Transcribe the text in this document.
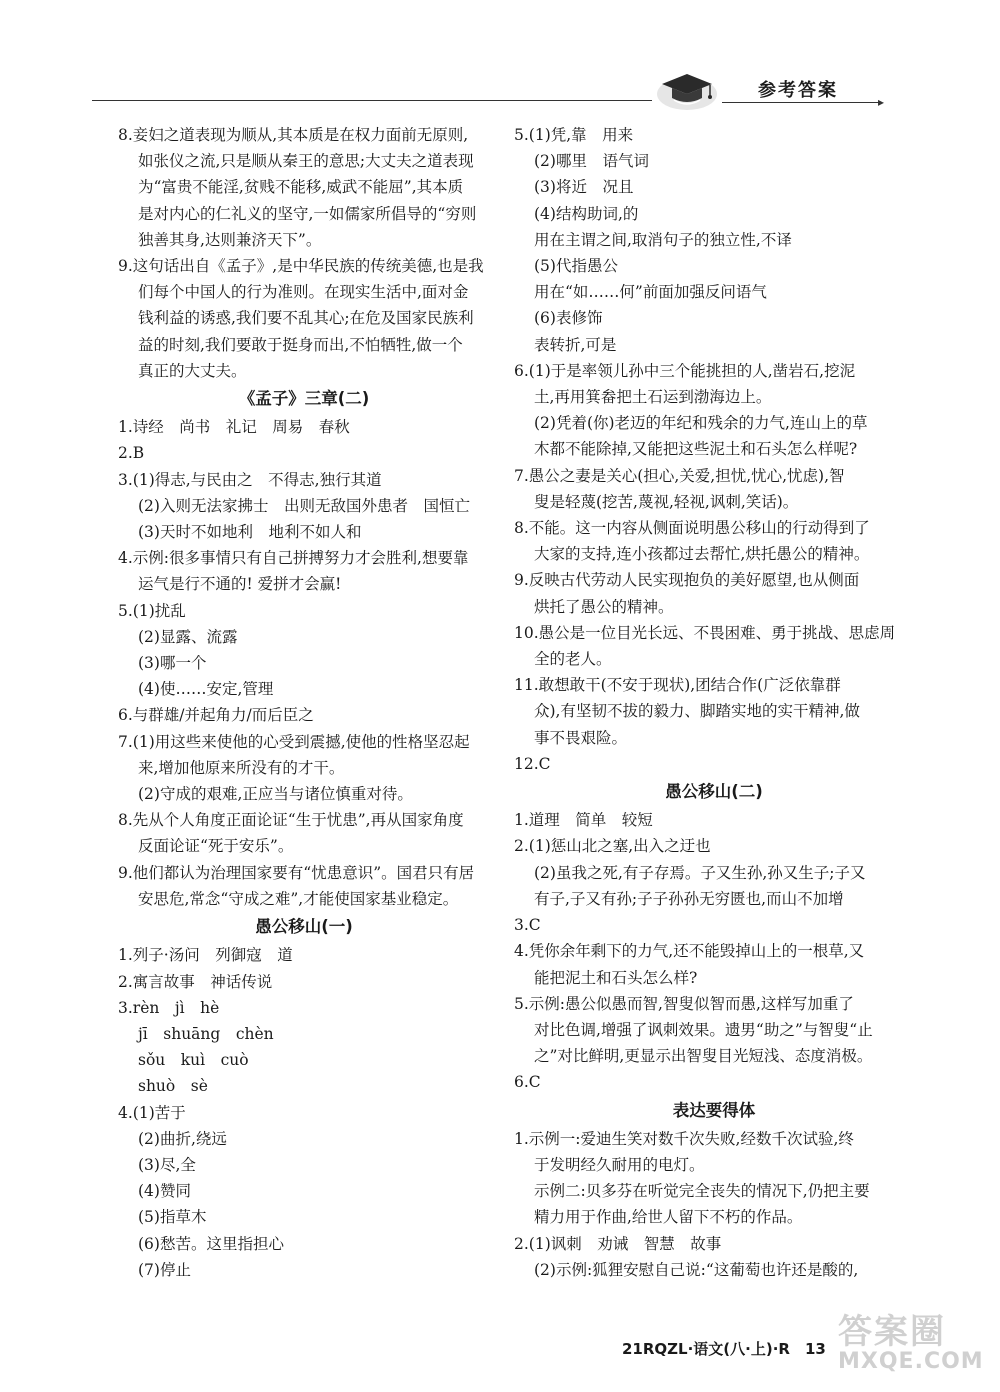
▸
参考答案
8.妾妇之道表现为顺从,其本质是在权力面前无原则,
如张仪之流,只是顺从秦王的意思;大丈夫之道表现
为“富贵不能淫,贫贱不能移,威武不能屈”,其本质
是对内心的仁礼义的坚守,一如儒家所倡导的“穷则
独善其身,达则兼济天下”。
9.这句话出自《孟子》,是中华民族的传统美德,也是我
们每个中国人的行为准则。在现实生活中,面对金
钱利益的诱惑,我们要不乱其心;在危及国家民族利
益的时刻,我们要敢于挺身而出,不怕牺牲,做一个
真正的大丈夫。
《孟子》三章(二)
1.诗经　尚书　礼记　周易　春秋
2.B
3.(1)得志,与民由之　不得志,独行其道
(2)入则无法家拂士　出则无敌国外患者　国恒亡
(3)天时不如地利　地利不如人和
4.示例:很多事情只有自己拼搏努力才会胜利,想要靠
运气是行不通的! 爱拼才会赢!
5.(1)扰乱
(2)显露、流露
(3)哪一个
(4)使……安定,管理
6.与群雄/并起角力/而后臣之
7.(1)用这些来使他的心受到震撼,使他的性格坚忍起
来,增加他原来所没有的才干。
(2)守成的艰难,正应当与诸位慎重对待。
8.先从个人角度正面论证“生于忧患”,再从国家角度
反面论证“死于安乐”。
9.他们都认为治理国家要有“忧患意识”。国君只有居
安思危,常念“守成之难”,才能使国家基业稳定。
愚公移山(一)
1.列子·汤问　列御寇　道
2.寓言故事　神话传说
3.rèn　jì　hè
jī　shuāng　chèn
sǒu　kuì　cuò
shuò　sè
4.(1)苦于
(2)曲折,绕远
(3)尽,全
(4)赞同
(5)指草木
(6)愁苦。这里指担心
(7)停止
5.(1)凭,靠　用来
(2)哪里　语气词
(3)将近　况且
(4)结构助词,的
用在主谓之间,取消句子的独立性,不译
(5)代指愚公
用在“如……何”前面加强反问语气
(6)表修饰
表转折,可是
6.(1)于是率领儿孙中三个能挑担的人,凿岩石,挖泥
土,再用箕畚把土石运到渤海边上。
(2)凭着(你)老迈的年纪和残余的力气,连山上的草
木都不能除掉,又能把这些泥土和石头怎么样呢?
7.愚公之妻是关心(担心,关爱,担忧,忧心,忧虑),智
叟是轻蔑(挖苦,蔑视,轻视,讽刺,笑话)。
8.不能。这一内容从侧面说明愚公移山的行动得到了
大家的支持,连小孩都过去帮忙,烘托愚公的精神。
9.反映古代劳动人民实现抱负的美好愿望,也从侧面
烘托了愚公的精神。
10.愚公是一位目光长远、不畏困难、勇于挑战、思虑周
全的老人。
11.敢想敢干(不安于现状),团结合作(广泛依靠群
众),有坚韧不拔的毅力、脚踏实地的实干精神,做
事不畏艰险。
12.C
愚公移山(二)
1.道理　简单　较短
2.(1)惩山北之塞,出入之迂也
(2)虽我之死,有子存焉。子又生孙,孙又生子;子又
有子,子又有孙;子子孙孙无穷匮也,而山不加增
3.C
4.凭你余年剩下的力气,还不能毁掉山上的一根草,又
能把泥土和石头怎么样?
5.示例:愚公似愚而智,智叟似智而愚,这样写加重了
对比色调,增强了讽刺效果。遗男“助之”与智叟“止
之”对比鲜明,更显示出智叟目光短浅、态度消极。
6.C
表达要得体
1.示例一:爱迪生笑对数千次失败,经数千次试验,终
于发明经久耐用的电灯。
示例二:贝多芬在听觉完全丧失的情况下,仍把主要
精力用于作曲,给世人留下不朽的作品。
2.(1)讽刺　劝诫　智慧　故事
(2)示例:狐狸安慰自己说:“这葡萄也许还是酸的,
21RQZL·语文(八·上)·R　13 答案圈
MXQE.COM
